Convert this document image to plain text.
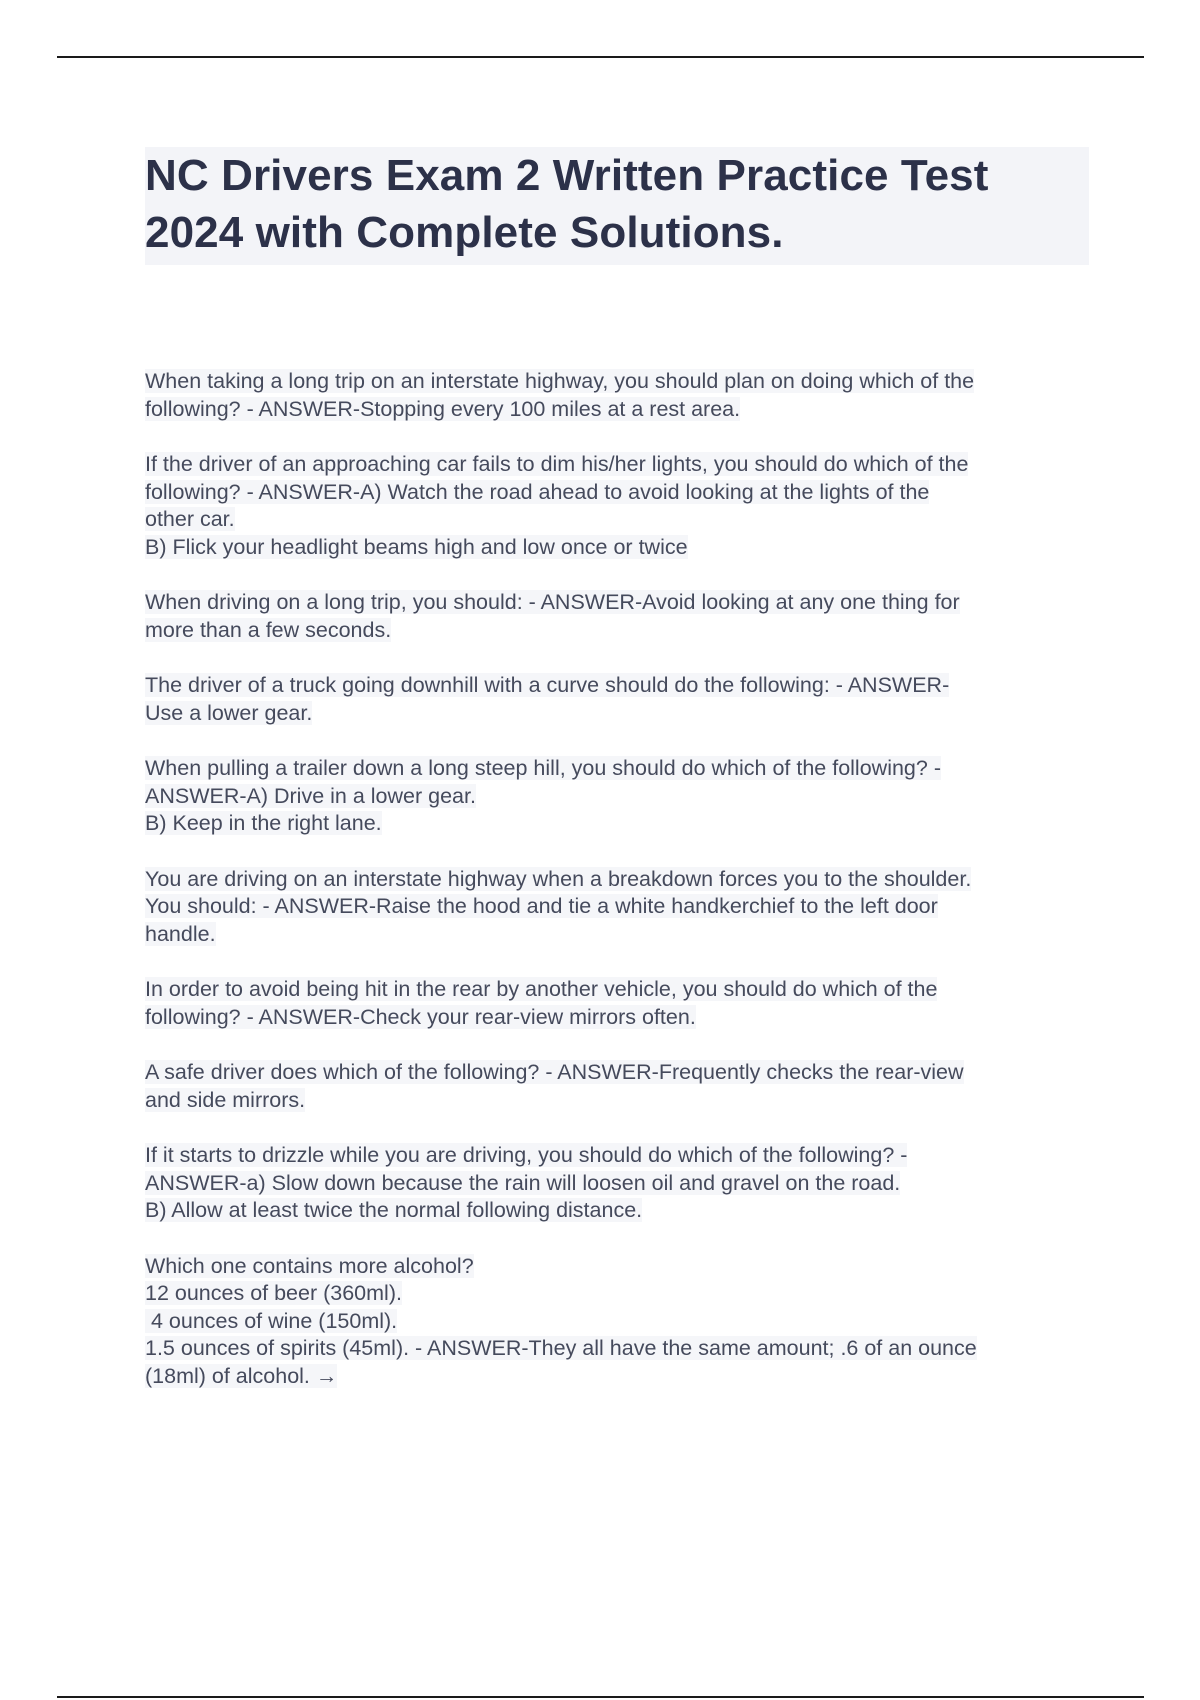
NC Drivers Exam 2 Written Practice Test
2024 with Complete Solutions.
When taking a long trip on an interstate highway, you should plan on doing which of the
following? - ANSWER-Stopping every 100 miles at a rest area.
If the driver of an approaching car fails to dim his/her lights, you should do which of the
following? - ANSWER-A) Watch the road ahead to avoid looking at the lights of the
other car.
B) Flick your headlight beams high and low once or twice
When driving on a long trip, you should: - ANSWER-Avoid looking at any one thing for
more than a few seconds.
The driver of a truck going downhill with a curve should do the following: - ANSWER-
Use a lower gear.
When pulling a trailer down a long steep hill, you should do which of the following? -
ANSWER-A) Drive in a lower gear.
B) Keep in the right lane.
You are driving on an interstate highway when a breakdown forces you to the shoulder.
You should: - ANSWER-Raise the hood and tie a white handkerchief to the left door
handle.
In order to avoid being hit in the rear by another vehicle, you should do which of the
following? - ANSWER-Check your rear-view mirrors often.
A safe driver does which of the following? - ANSWER-Frequently checks the rear-view
and side mirrors.
If it starts to drizzle while you are driving, you should do which of the following? -
ANSWER-a) Slow down because the rain will loosen oil and gravel on the road.
B) Allow at least twice the normal following distance.
Which one contains more alcohol?
12 ounces of beer (360ml).
4 ounces of wine (150ml).
1.5 ounces of spirits (45ml). - ANSWER-They all have the same amount; .6 of an ounce
(18ml) of alcohol. →
